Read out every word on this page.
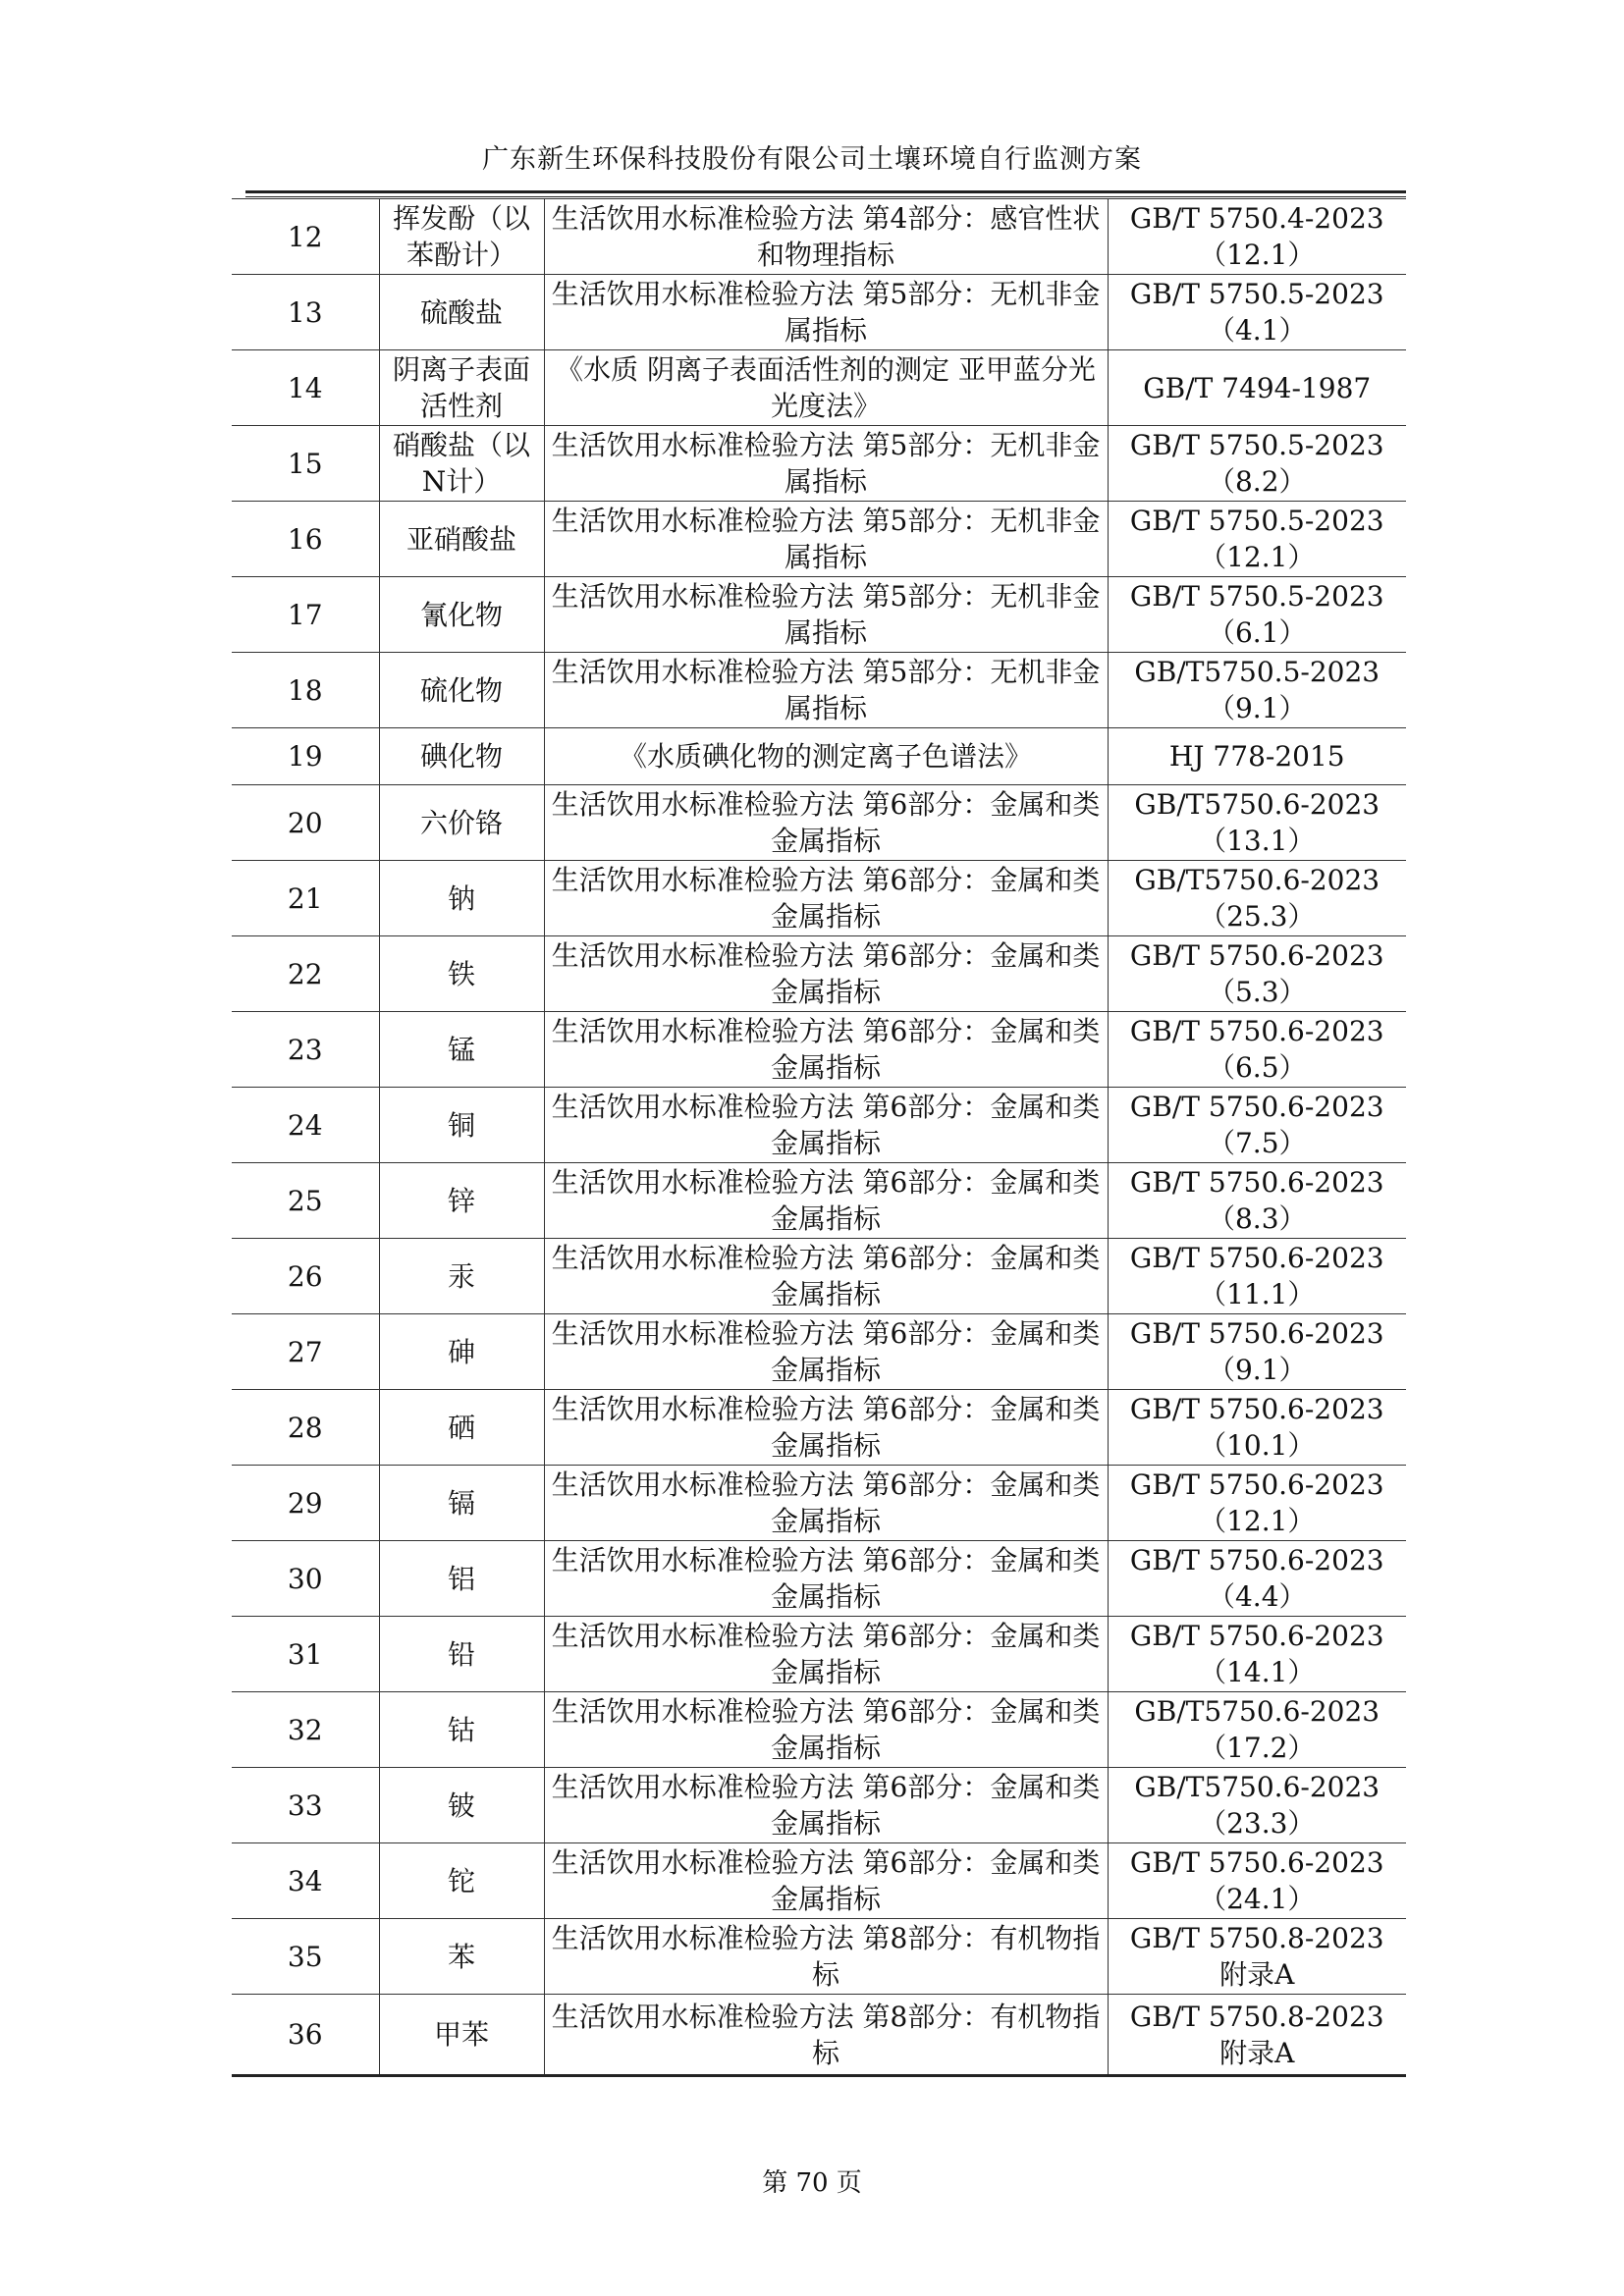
广东新生环保科技股份有限公司土壤环境自行监测方案
12	挥发酚（以苯酚计）	生活饮用水标准检验方法 第4部分：感官性状和物理指标	GB/T 5750.4-2023（12.1）
13	硫酸盐	生活饮用水标准检验方法 第5部分：无机非金属指标	GB/T 5750.5-2023（4.1）
14	阴离子表面活性剂	《水质 阴离子表面活性剂的测定 亚甲蓝分光光度法》	GB/T 7494-1987
15	硝酸盐（以N计）	生活饮用水标准检验方法 第5部分：无机非金属指标	GB/T 5750.5-2023（8.2）
16	亚硝酸盐	生活饮用水标准检验方法 第5部分：无机非金属指标	GB/T 5750.5-2023（12.1）
17	氰化物	生活饮用水标准检验方法 第5部分：无机非金属指标	GB/T 5750.5-2023（6.1）
18	硫化物	生活饮用水标准检验方法 第5部分：无机非金属指标	GB/T5750.5-2023（9.1）
19	碘化物	《水质碘化物的测定离子色谱法》	HJ 778-2015
20	六价铬	生活饮用水标准检验方法 第6部分：金属和类金属指标	GB/T5750.6-2023（13.1）
21	钠	生活饮用水标准检验方法 第6部分：金属和类金属指标	GB/T5750.6-2023（25.3）
22	铁	生活饮用水标准检验方法 第6部分：金属和类金属指标	GB/T 5750.6-2023（5.3）
23	锰	生活饮用水标准检验方法 第6部分：金属和类金属指标	GB/T 5750.6-2023（6.5）
24	铜	生活饮用水标准检验方法 第6部分：金属和类金属指标	GB/T 5750.6-2023（7.5）
25	锌	生活饮用水标准检验方法 第6部分：金属和类金属指标	GB/T 5750.6-2023（8.3）
26	汞	生活饮用水标准检验方法 第6部分：金属和类金属指标	GB/T 5750.6-2023（11.1）
27	砷	生活饮用水标准检验方法 第6部分：金属和类金属指标	GB/T 5750.6-2023（9.1）
28	硒	生活饮用水标准检验方法 第6部分：金属和类金属指标	GB/T 5750.6-2023（10.1）
29	镉	生活饮用水标准检验方法 第6部分：金属和类金属指标	GB/T 5750.6-2023（12.1）
30	铝	生活饮用水标准检验方法 第6部分：金属和类金属指标	GB/T 5750.6-2023（4.4）
31	铅	生活饮用水标准检验方法 第6部分：金属和类金属指标	GB/T 5750.6-2023（14.1）
32	钴	生活饮用水标准检验方法 第6部分：金属和类金属指标	GB/T5750.6-2023（17.2）
33	铍	生活饮用水标准检验方法 第6部分：金属和类金属指标	GB/T5750.6-2023（23.3）
34	铊	生活饮用水标准检验方法 第6部分：金属和类金属指标	GB/T 5750.6-2023（24.1）
35	苯	生活饮用水标准检验方法 第8部分：有机物指标	GB/T 5750.8-2023 附录A
36	甲苯	生活饮用水标准检验方法 第8部分：有机物指标	GB/T 5750.8-2023 附录A
第 70 页
